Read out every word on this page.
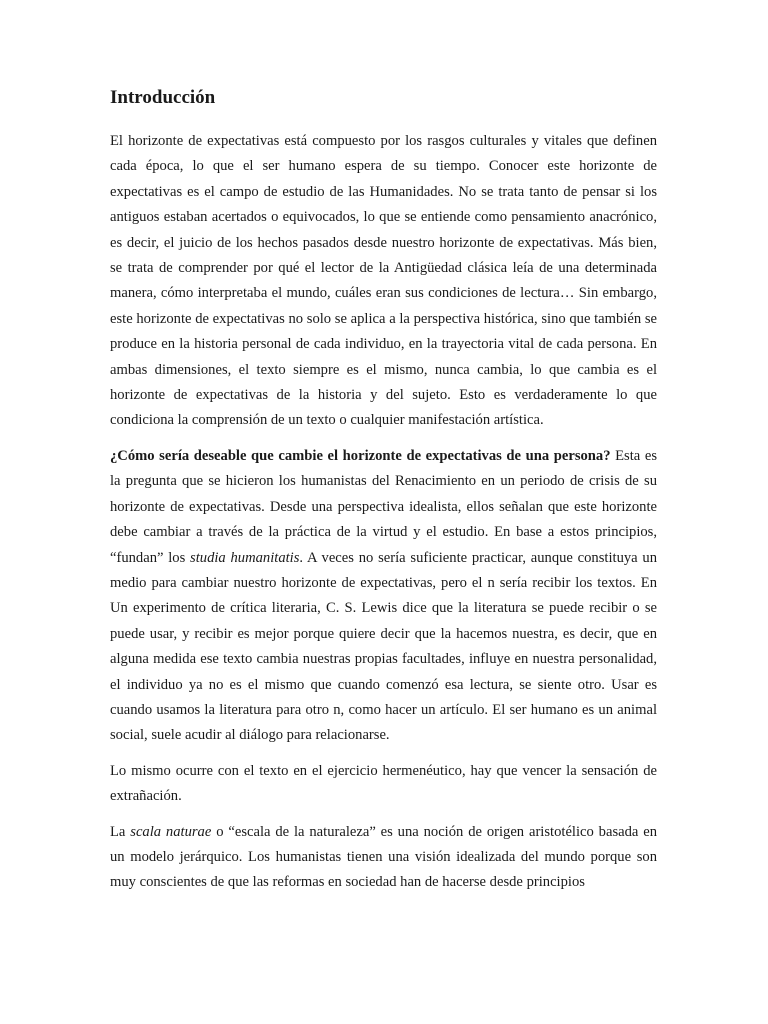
Introducción

El horizonte de expectativas está compuesto por los rasgos culturales y vitales que definen cada época, lo que el ser humano espera de su tiempo. Conocer este horizonte de expectativas es el campo de estudio de las Humanidades. No se trata tanto de pensar si los antiguos estaban acertados o equivocados, lo que se entiende como pensamiento anacrónico, es decir, el juicio de los hechos pasados desde nuestro horizonte de expectativas. Más bien, se trata de comprender por qué el lector de la Antigüedad clásica leía de una determinada manera, cómo interpretaba el mundo, cuáles eran sus condiciones de lectura… Sin embargo, este horizonte de expectativas no solo se aplica a la perspectiva histórica, sino que también se produce en la historia personal de cada individuo, en la trayectoria vital de cada persona. En ambas dimensiones, el texto siempre es el mismo, nunca cambia, lo que cambia es el horizonte de expectativas de la historia y del sujeto. Esto es verdaderamente lo que condiciona la comprensión de un texto o cualquier manifestación artística.

¿Cómo sería deseable que cambie el horizonte de expectativas de una persona? Esta es la pregunta que se hicieron los humanistas del Renacimiento en un periodo de crisis de su horizonte de expectativas. Desde una perspectiva idealista, ellos señalan que este horizonte debe cambiar a través de la práctica de la virtud y el estudio. En base a estos principios, “fundan” los studia humanitatis. A veces no sería suficiente practicar, aunque constituya un medio para cambiar nuestro horizonte de expectativas, pero el n sería recibir los textos. En Un experimento de crítica literaria, C. S. Lewis dice que la literatura se puede recibir o se puede usar, y recibir es mejor porque quiere decir que la hacemos nuestra, es decir, que en alguna medida ese texto cambia nuestras propias facultades, influye en nuestra personalidad, el individuo ya no es el mismo que cuando comenzó esa lectura, se siente otro. Usar es cuando usamos la literatura para otro n, como hacer un artículo. El ser humano es un animal social, suele acudir al diálogo para relacionarse.

Lo mismo ocurre con el texto en el ejercicio hermenéutico, hay que vencer la sensación de extrañación.

La scala naturae o “escala de la naturaleza” es una noción de origen aristotélico basada en un modelo jerárquico. Los humanistas tienen una visión idealizada del mundo porque son muy conscientes de que las reformas en sociedad han de hacerse desde principios
